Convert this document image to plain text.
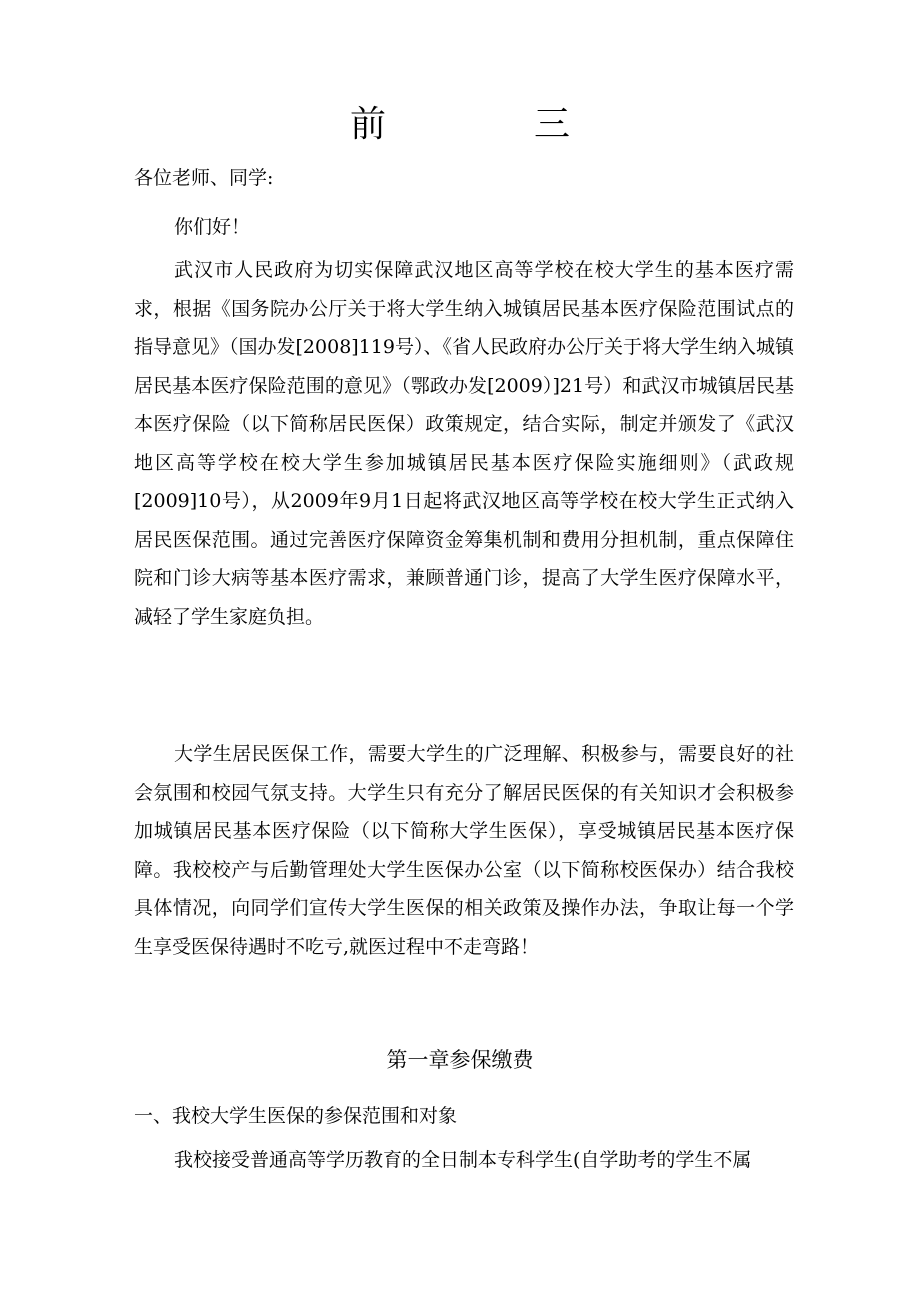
前　三
各位老师、同学:
你们好！

武汉市人民政府为切实保障武汉地区高等学校在校大学生的基本医疗需求，根据《国务院办公厅关于将大学生纳入城镇居民基本医疗保险范围试点的指导意见》（国办发[2008]119号）、《省人民政府办公厅关于将大学生纳入城镇居民基本医疗保险范围的意见》（鄂政办发[2009）]21号）和武汉市城镇居民基本医疗保险（以下简称居民医保）政策规定，结合实际，制定并颁发了《武汉地区高等学校在校大学生参加城镇居民基本医疗保险实施细则》（武政规[2009]10号），从2009年9月1日起将武汉地区高等学校在校大学生正式纳入居民医保范围。通过完善医疗保障资金筹集机制和费用分担机制，重点保障住院和门诊大病等基本医疗需求，兼顾普通门诊，提高了大学生医疗保障水平，减轻了学生家庭负担。

大学生居民医保工作，需要大学生的广泛理解、积极参与，需要良好的社会氛围和校园气氛支持。大学生只有充分了解居民医保的有关知识才会积极参加城镇居民基本医疗保险（以下简称大学生医保），享受城镇居民基本医疗保障。我校校产与后勤管理处大学生医保办公室（以下简称校医保办）结合我校具体情况，向同学们宣传大学生医保的相关政策及操作办法，争取让每一个学生享受医保待遇时不吃亏,就医过程中不走弯路！

第一章参保缴费
一、我校大学生医保的参保范围和对象

我校接受普通高等学历教育的全日制本专科学生(自学助考的学生不属
